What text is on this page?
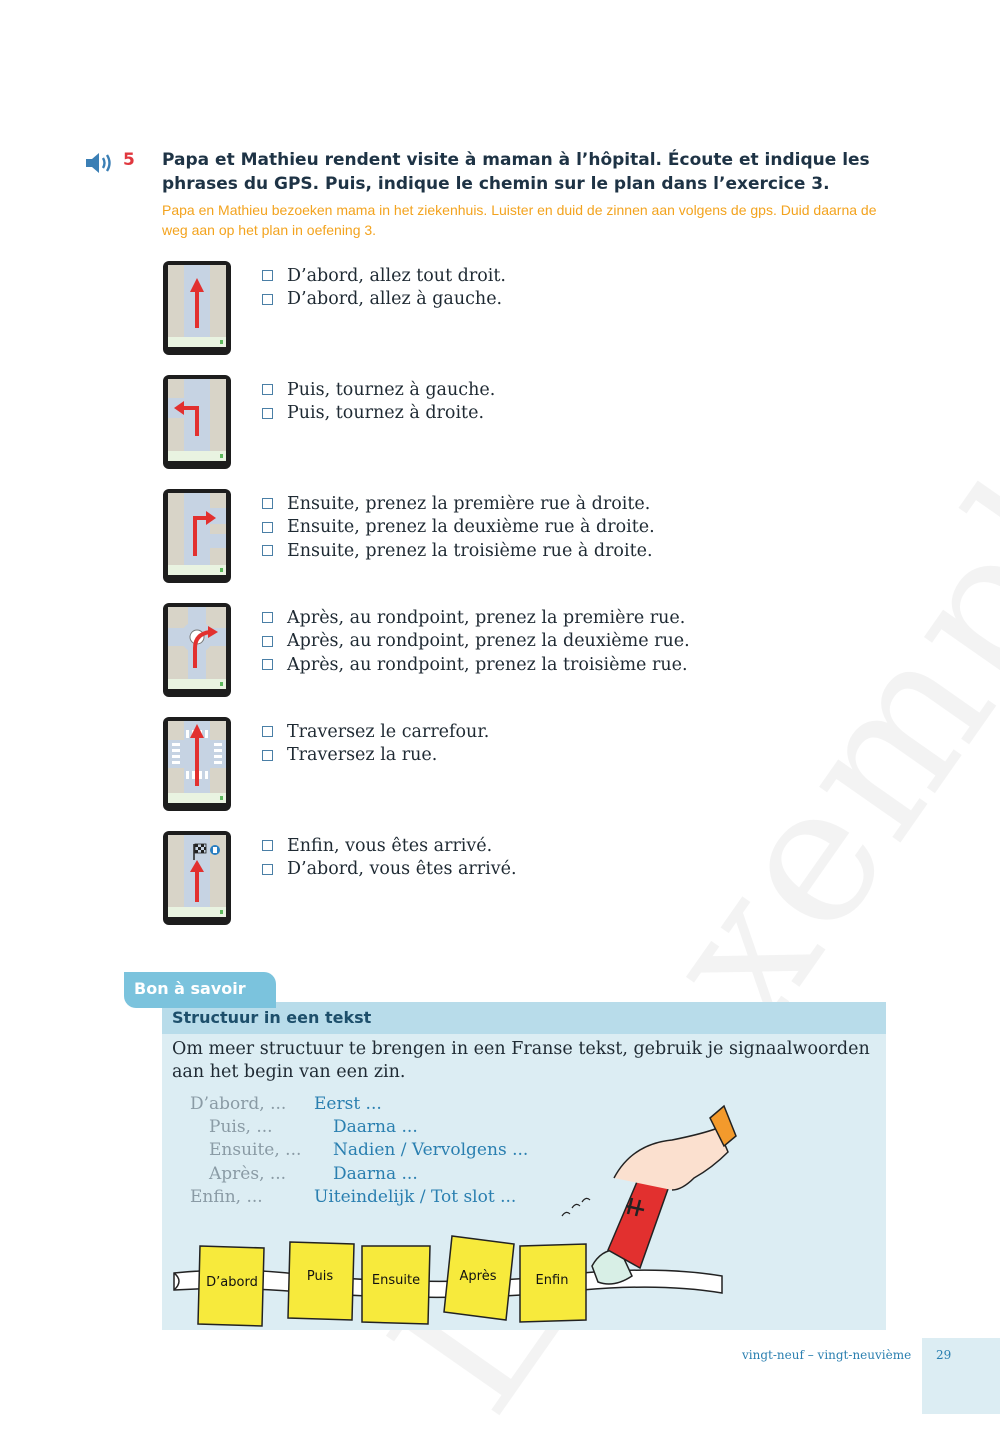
5 Papa et Mathieu rendent visite à maman à l’hôpital. Écoute et indique les phrases du GPS. Puis, indique le chemin sur le plan dans l’exercice 3.
Papa en Mathieu bezoeken mama in het ziekenhuis. Luister en duid de zinnen aan volgens de gps. Duid daarna de weg aan op het plan in oefening 3.
D’abord, allez tout droit.
D’abord, allez à gauche.
Puis, tournez à gauche.
Puis, tournez à droite.
Ensuite, prenez la première rue à droite.
Ensuite, prenez la deuxième rue à droite.
Ensuite, prenez la troisième rue à droite.
Après, au rondpoint, prenez la première rue.
Après, au rondpoint, prenez la deuxième rue.
Après, au rondpoint, prenez la troisième rue.
Traversez le carrefour.
Traversez la rue.
Enfin, vous êtes arrivé.
D’abord, vous êtes arrivé.
Structuur in een tekst
Om meer structuur te brengen in een Franse tekst, gebruik je signaalwoorden aan het begin van een zin.
D’abord, ... Eerst ...
Puis, ...	Daarna ...
Ensuite, ... Nadien / Vervolgens ...
Après, ...	Daarna ...
Enfin, ...	Uiteindelijk / Tot slot ...
D’abord	Puis	Ensuite	Après	Enfin
Bon à savoir
vingt-neuf – vingt-neuvième 29
